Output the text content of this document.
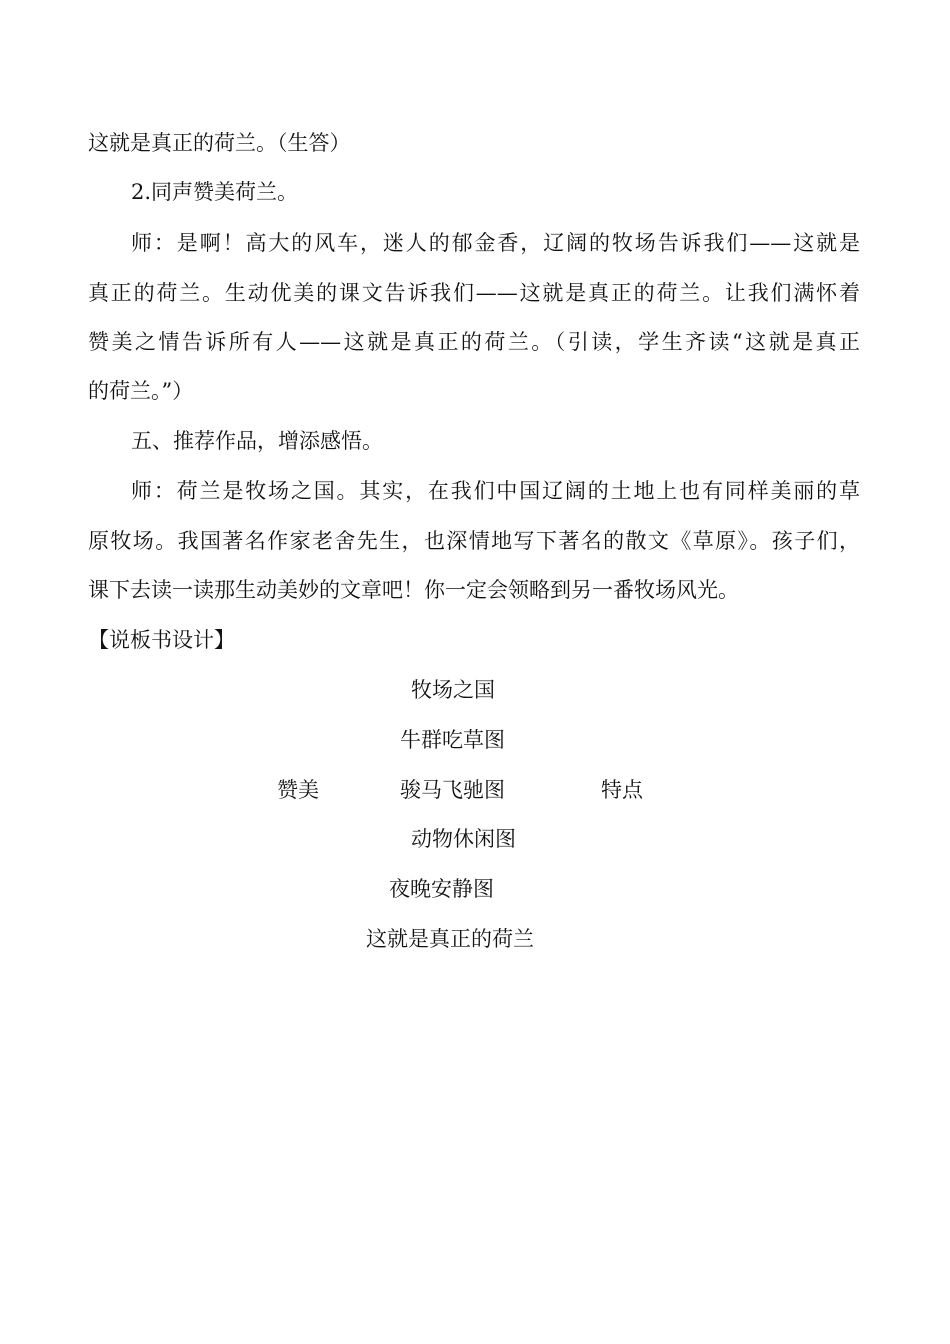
这就是真正的荷兰。（生答）
2.同声赞美荷兰。
师：是啊！高大的风车，迷人的郁金香，辽阔的牧场告诉我们——这就是
真正的荷兰。生动优美的课文告诉我们——这就是真正的荷兰。让我们满怀着
赞美之情告诉所有人——这就是真正的荷兰。（引读，学生齐读“这就是真正
的荷兰。”）
五、推荐作品，增添感悟。
师：荷兰是牧场之国。其实，在我们中国辽阔的土地上也有同样美丽的草
原牧场。我国著名作家老舍先生，也深情地写下著名的散文《草原》。孩子们，
课下去读一读那生动美妙的文章吧！你一定会领略到另一番牧场风光。
【说板书设计】
牧场之国
牛群吃草图
赞美	骏马飞驰图	特点
动物休闲图
夜晚安静图
这就是真正的荷兰
